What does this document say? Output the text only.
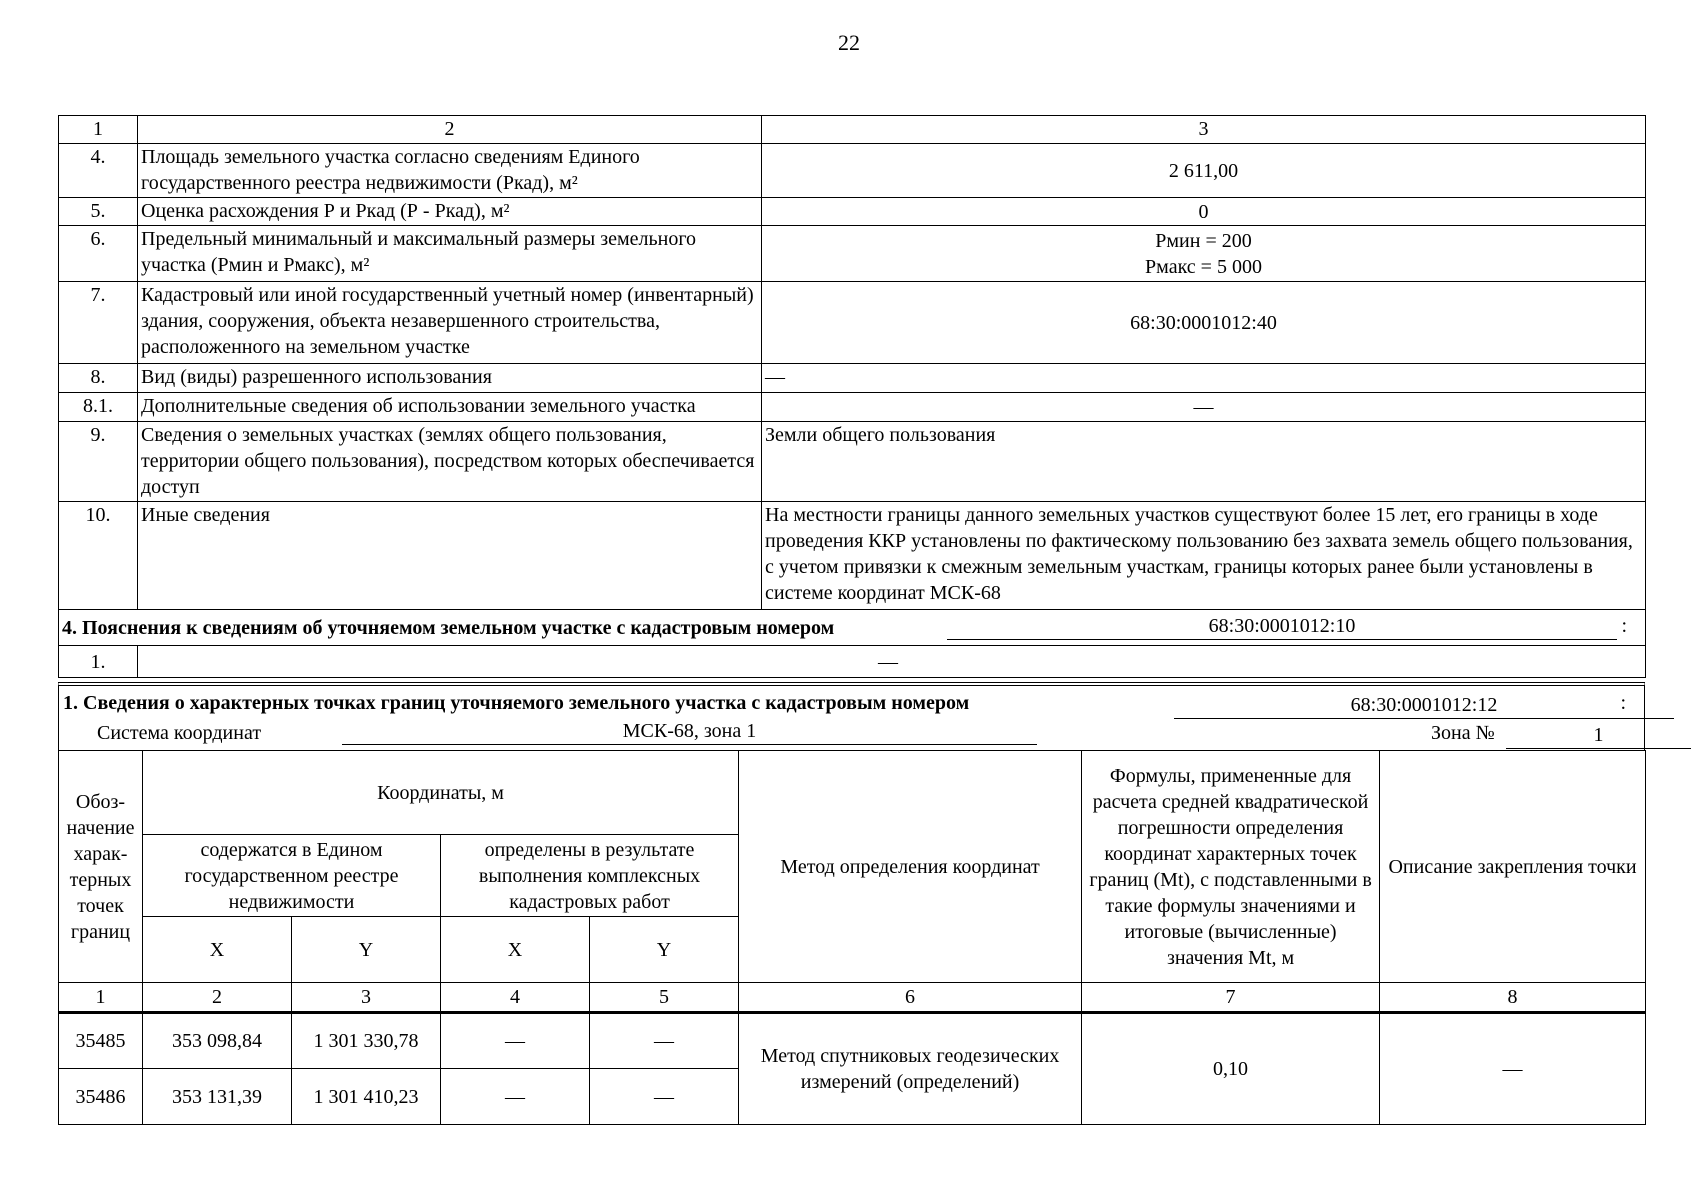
22
1	2	3
4.	Площадь земельного участка согласно сведениям Единого государственного реестра недвижимости (Ркад), м²	2 611,00
5.	Оценка расхождения Р и Ркад (Р - Ркад), м²	0
6.	Предельный минимальный и максимальный размеры земельного участка (Рмин и Рмакс), м²	Рмин = 200
Рмакс = 5 000

7.	Кадастровый или иной государственный учетный номер (инвентарный) здания, сооружения, объекта незавершенного строительства, расположенного на земельном участке	68:30:0001012:40
8.	Вид (виды) разрешенного использования	—
8.1.	Дополнительные сведения об использовании земельного участка	—
9.	Сведения о земельных участках (землях общего пользования, территории общего пользования), посредством которых обеспечивается доступ	Земли общего пользования
10.	Иные сведения	На местности границы данного земельных участков существуют более 15 лет, его границы в ходе проведения ККР установлены по фактическому пользованию без захвата земель общего пользования, с учетом привязки к смежным земельным участкам, границы которых ранее были установлены в системе координат МСК-68
4. Пояснения к сведениям об уточняемом земельном участке с кадастровым номером 68:30:0001012:10 :		

1.	—	
1. Сведения о характерных точках границ уточняемого земельного участка с кадастровым номером	68:30:0001012:12	:
Система координат	МСК-68, зона 1	Зона №	1
Обоз-начение харак-терных точек границ	Координаты, м				Метод определения координат	Формулы, примененные для расчета средней квадратической погрешности определения координат характерных точек границ (Mt), с подставленными в такие формулы значениями и итоговые (вычисленные) значения Mt, м	Описание закрепления точки
	содержатся в Едином государственном реестре недвижимости		определены в результате выполнения комплексных кадастровых работ				
	X	Y	X	Y			
1	2	3	4	5	6	7	8
35485	353 098,84	1 301 330,78	—	—	Метод спутниковых геодезических измерений (определений)	0,10	—
35486	353 131,39	1 301 410,23	—	—			
